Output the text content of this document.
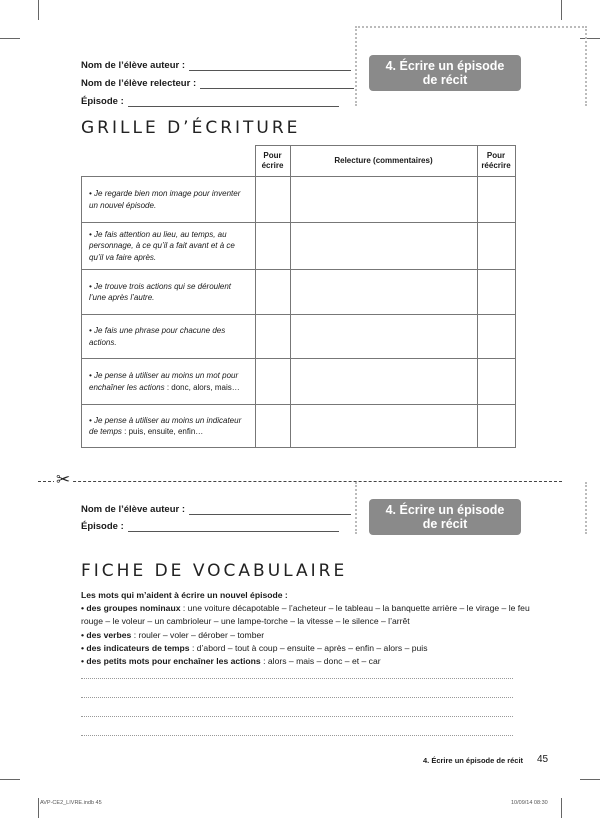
Nom de l’élève auteur :
Nom de l’élève relecteur :
Épisode :
4. Écrire un épisode
de récit
GRILLE D’ÉCRITURE
	Pour écrire	Relecture (commentaires)	Pour réécrire
• Je regarde bien mon image pour inventer un nouvel épisode.			
• Je fais attention au lieu, au temps, au personnage, à ce qu’il a fait avant et à ce qu’il va faire après.			
• Je trouve trois actions qui se déroulent l’une après l’autre.			
• Je fais une phrase pour chacune des actions.			
• Je pense à utiliser au moins un mot pour enchaîner les actions : donc, alors, mais…			
• Je pense à utiliser au moins un indicateur de temps : puis, ensuite, enfin…			
✂
Nom de l’élève auteur :
Épisode :
4. Écrire un épisode
de récit
FICHE DE VOCABULAIRE
Les mots qui m’aident à écrire un nouvel épisode :
• des groupes nominaux : une voiture décapotable – l’acheteur – le tableau – la banquette arrière – le virage – le feu rouge – le voleur – un cambrioleur – une lampe-torche – la vitesse – le silence – l’arrêt
• des verbes : rouler – voler – dérober – tomber
• des indicateurs de temps : d’abord – tout à coup – ensuite – après – enfin – alors – puis
• des petits mots pour enchaîner les actions : alors – mais – donc – et – car
4. Écrire un épisode de récit 45
AVP-CE2_LIVRE.indb 45	10/09/14 08:30
